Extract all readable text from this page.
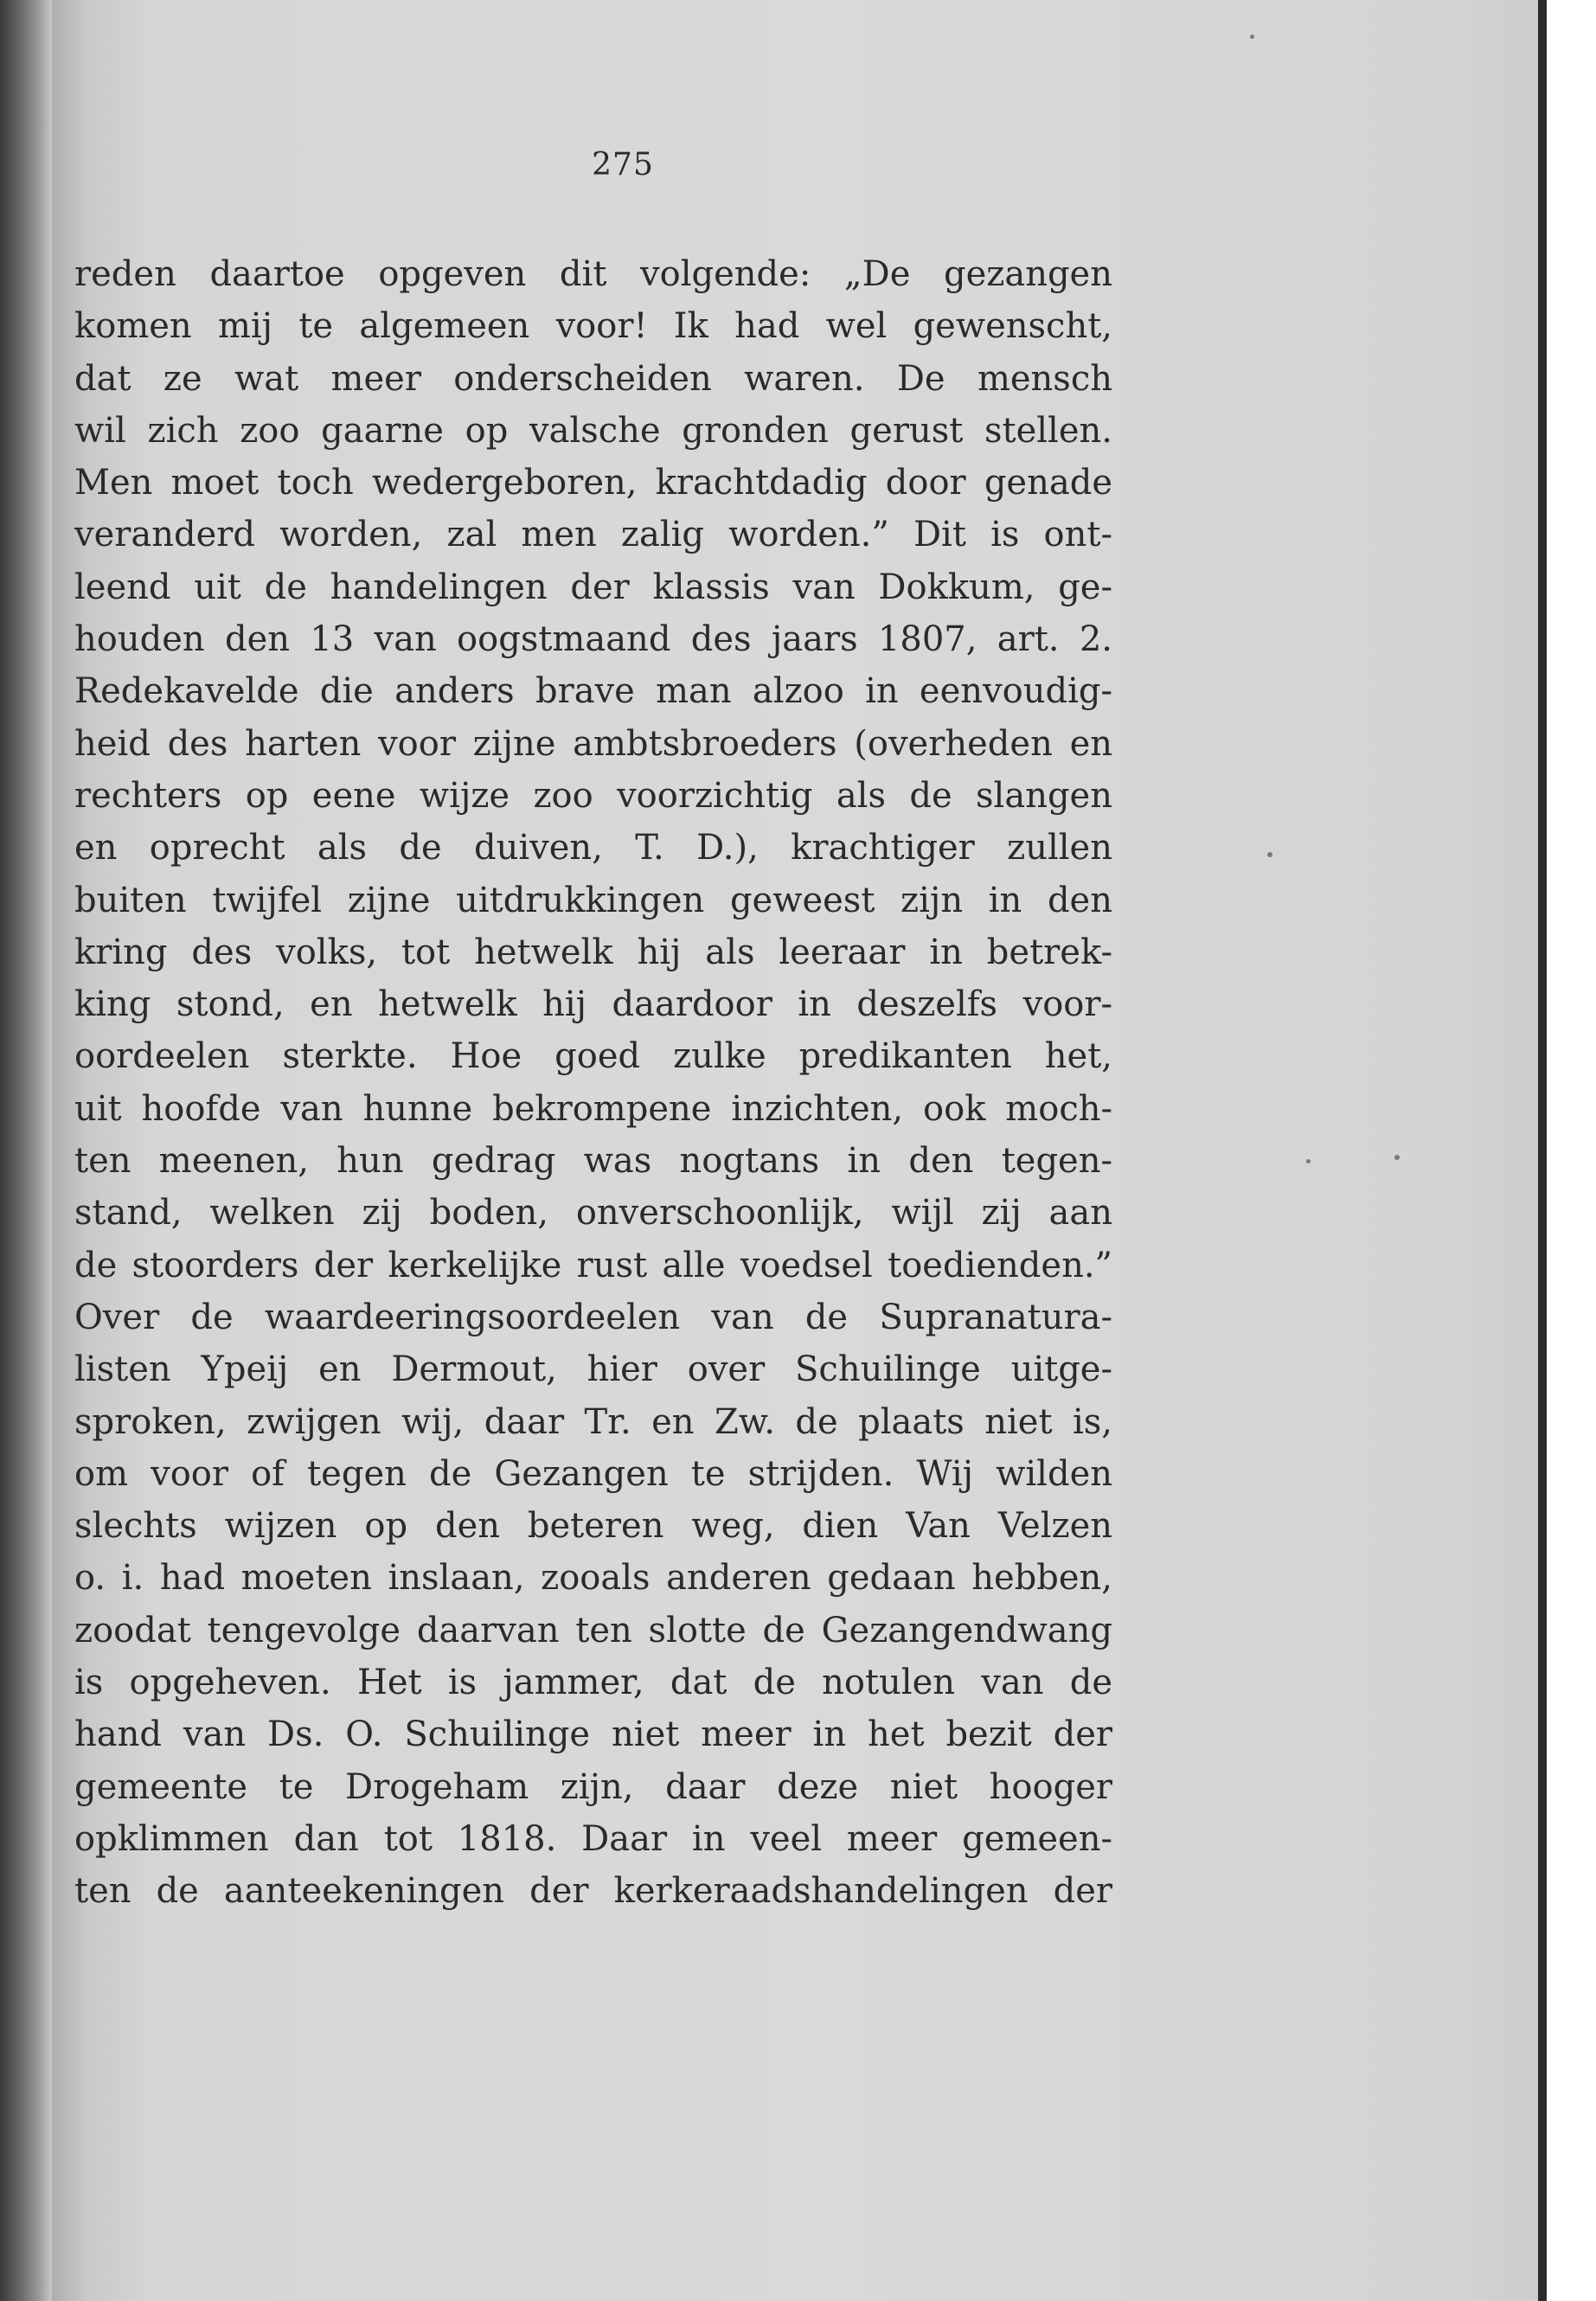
275
reden daartoe opgeven dit volgende: „De gezangen
komen mij te algemeen voor! Ik had wel gewenscht,
dat ze wat meer onderscheiden waren. De mensch
wil zich zoo gaarne op valsche gronden gerust stellen.
Men moet toch wedergeboren, krachtdadig door genade
veranderd worden, zal men zalig worden.” Dit is ont-
leend uit de handelingen der klassis van Dokkum, ge-
houden den 13 van oogstmaand des jaars 1807, art. 2.
Redekavelde die anders brave man alzoo in eenvoudig-
heid des harten voor zijne ambtsbroeders (overheden en
rechters op eene wijze zoo voorzichtig als de slangen
en oprecht als de duiven, T. D.), krachtiger zullen
buiten twijfel zijne uitdrukkingen geweest zijn in den
kring des volks, tot hetwelk hij als leeraar in betrek-
king stond, en hetwelk hij daardoor in deszelfs voor-
oordeelen sterkte. Hoe goed zulke predikanten het,
uit hoofde van hunne bekrompene inzichten, ook moch-
ten meenen, hun gedrag was nogtans in den tegen-
stand, welken zij boden, onverschoonlijk, wijl zij aan
de stoorders der kerkelijke rust alle voedsel toedienden.”
Over de waardeeringsoordeelen van de Supranatura-
listen Ypeij en Dermout, hier over Schuilinge uitge-
sproken, zwijgen wij, daar Tr. en Zw. de plaats niet is,
om voor of tegen de Gezangen te strijden. Wij wilden
slechts wijzen op den beteren weg, dien Van Velzen
o. i. had moeten inslaan, zooals anderen gedaan hebben,
zoodat tengevolge daarvan ten slotte de Gezangendwang
is opgeheven. Het is jammer, dat de notulen van de
hand van Ds. O. Schuilinge niet meer in het bezit der
gemeente te Drogeham zijn, daar deze niet hooger
opklimmen dan tot 1818. Daar in veel meer gemeen-
ten de aanteekeningen der kerkeraadshandelingen der
